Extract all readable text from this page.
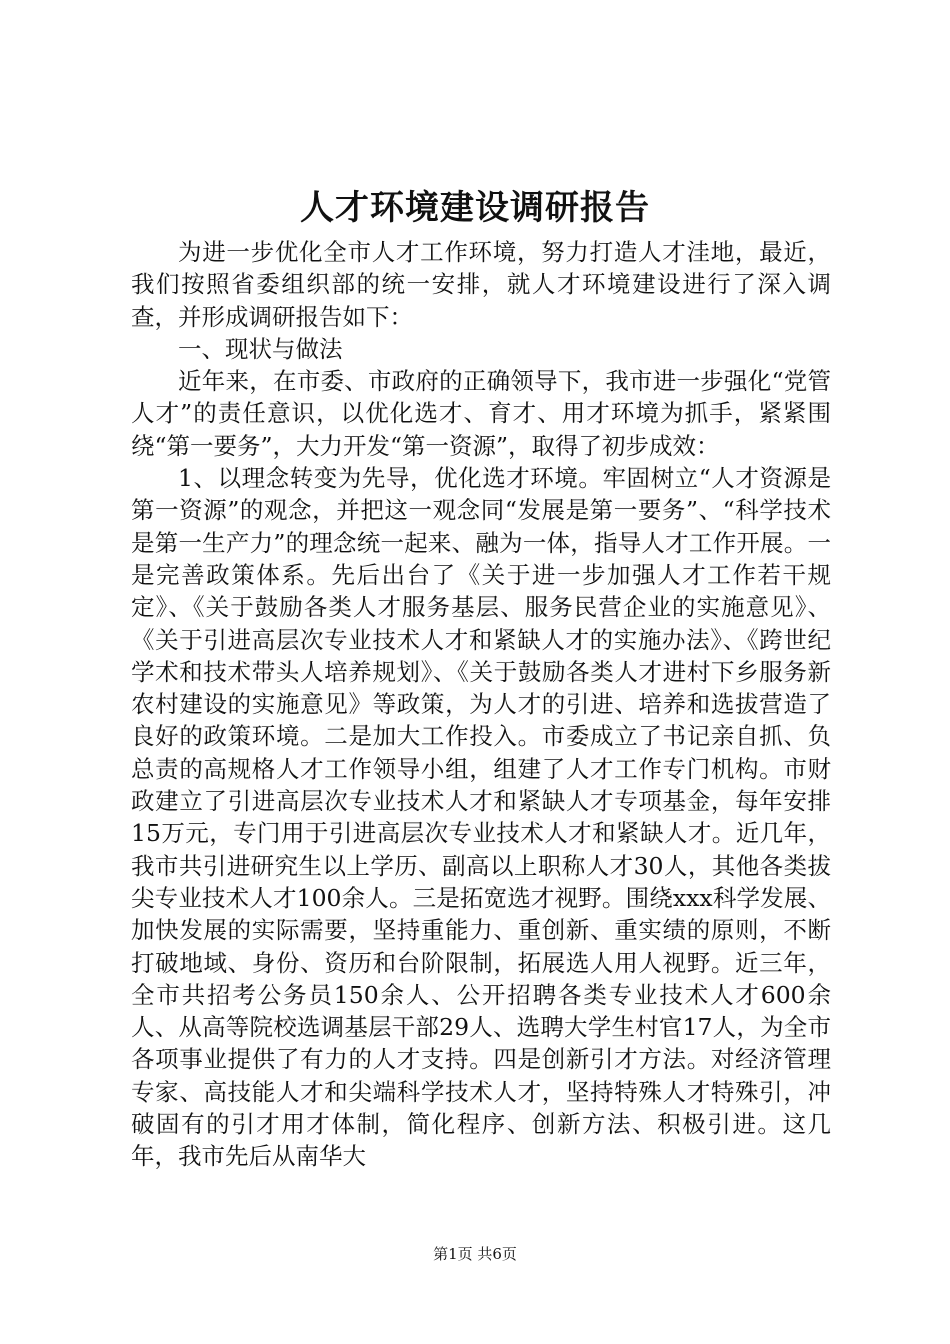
人才环境建设调研报告

为进一步优化全市人才工作环境，努力打造人才洼地，最近，我们按照省委组织部的统一安排，就人才环境建设进行了深入调查，并形成调研报告如下：

一、现状与做法

近年来，在市委、市政府的正确领导下，我市进一步强化“党管人才”的责任意识，以优化选才、育才、用才环境为抓手，紧紧围绕“第一要务”，大力开发“第一资源”，取得了初步成效：

1、以理念转变为先导，优化选才环境。牢固树立“人才资源是第一资源”的观念，并把这一观念同“发展是第一要务”、“科学技术是第一生产力”的理念统一起来、融为一体，指导人才工作开展。一是完善政策体系。先后出台了《关于进一步加强人才工作若干规定》、《关于鼓励各类人才服务基层、服务民营企业的实施意见》、《关于引进高层次专业技术人才和紧缺人才的实施办法》、《跨世纪学术和技术带头人培养规划》、《关于鼓励各类人才进村下乡服务新农村建设的实施意见》等政策，为人才的引进、培养和选拔营造了良好的政策环境。二是加大工作投入。市委成立了书记亲自抓、负总责的高规格人才工作领导小组，组建了人才工作专门机构。市财政建立了引进高层次专业技术人才和紧缺人才专项基金，每年安排15万元，专门用于引进高层次专业技术人才和紧缺人才。近几年，我市共引进研究生以上学历、副高以上职称人才30人，其他各类拔尖专业技术人才100余人。三是拓宽选才视野。围绕xxx科学发展、加快发展的实际需要，坚持重能力、重创新、重实绩的原则，不断打破地域、身份、资历和台阶限制，拓展选人用人视野。近三年，全市共招考公务员150余人、公开招聘各类专业技术人才600余人、从高等院校选调基层干部29人、选聘大学生村官17人，为全市各项事业提供了有力的人才支持。四是创新引才方法。对经济管理专家、高技能人才和尖端科学技术人才，坚持特殊人才特殊引，冲破固有的引才用才体制，简化程序、创新方法、积极引进。这几年，我市先后从南华大

第1页 共6页
